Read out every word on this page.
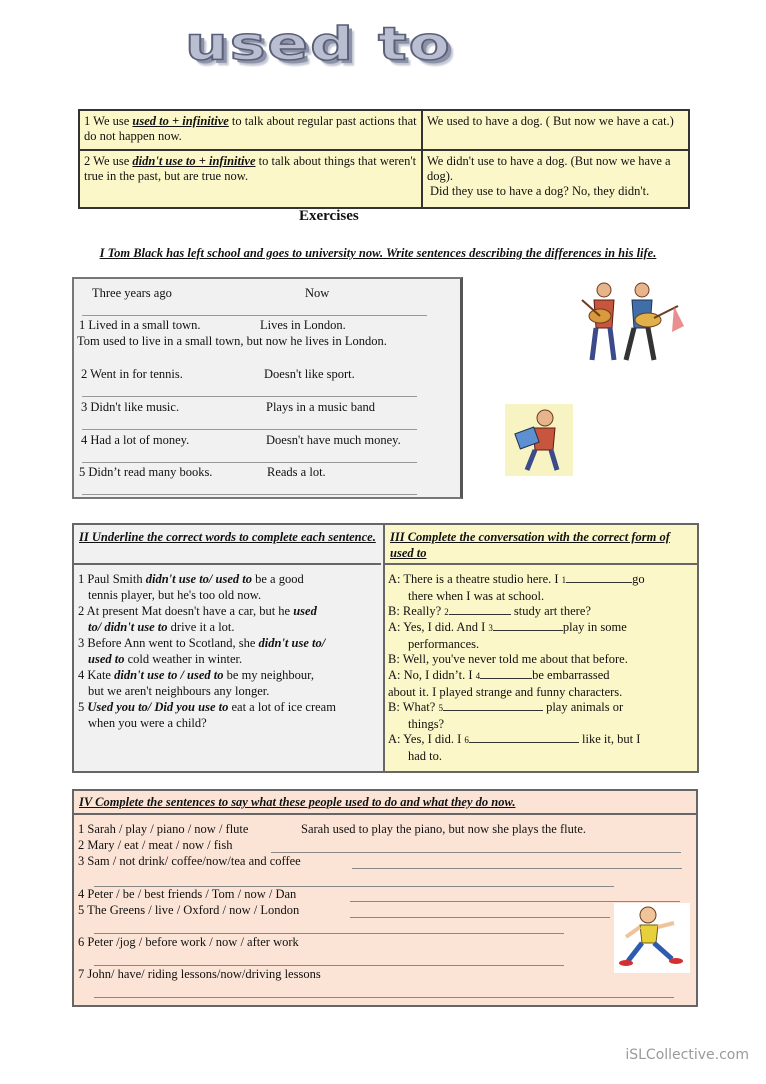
used to
1 We use used to + infinitive to talk about regular past actions that do not happen now.
We used to have a dog. ( But now we have a cat.)
2 We use didn't use to + infinitive to talk about things that weren't true in the past, but are true now.
We didn't use to have a dog. (But now we have a dog).
Did they use to have a dog? No, they didn't.
Exercises
I Tom Black has left school and goes to university now. Write sentences describing the differences in his life.
Three years ago	Now
1 Lived in a small town.	Lives in London.
Tom used to live in a small town, but now he lives in London.
2 Went in for tennis.	Doesn't like sport.
3 Didn't like music.	Plays in a music band
4 Had a lot of money.	Doesn't have much money.
5 Didn’t read many books.	Reads a lot.
II Underline the correct words to complete each sentence.
1 Paul Smith didn't use to/ used to be a good
tennis player, but he's too old now.
2 At present Mat doesn't have a car, but he used
to/ didn't use to drive it a lot.
3 Before Ann went to Scotland, she didn't use to/
used to cold weather in winter.
4 Kate didn't use to / used to be my neighbour,
but we aren't neighbours any longer.
5 Used you to/ Did you use to eat a lot of ice cream
when you were a child?
III Complete the conversation with the correct form of used to
A: There is a theatre studio here. I 1	go
there when I was at school.
B: Really? 2	study art there?
A: Yes, I did. And I 3	play in some
performances.
B: Well, you've never told me about that before.
A: No, I didn’t. I 4	be embarrassed
about it. I played strange and funny characters.
B: What? 5	play animals or
things?
A: Yes, I did. I 6	like it, but I
had to.
IV Complete the sentences to say what these people used to do and what they do now.
1 Sarah / play / piano / now / flute	Sarah used to play the piano, but now she plays the flute.
2 Mary / eat / meat / now / fish
3 Sam / not drink/ coffee/now/tea and coffee
4 Peter / be / best friends / Tom / now / Dan
5 The Greens / live / Oxford / now / London
6 Peter /jog / before work / now / after work
7 John/ have/ riding lessons/now/driving lessons
iSLCollective.com
